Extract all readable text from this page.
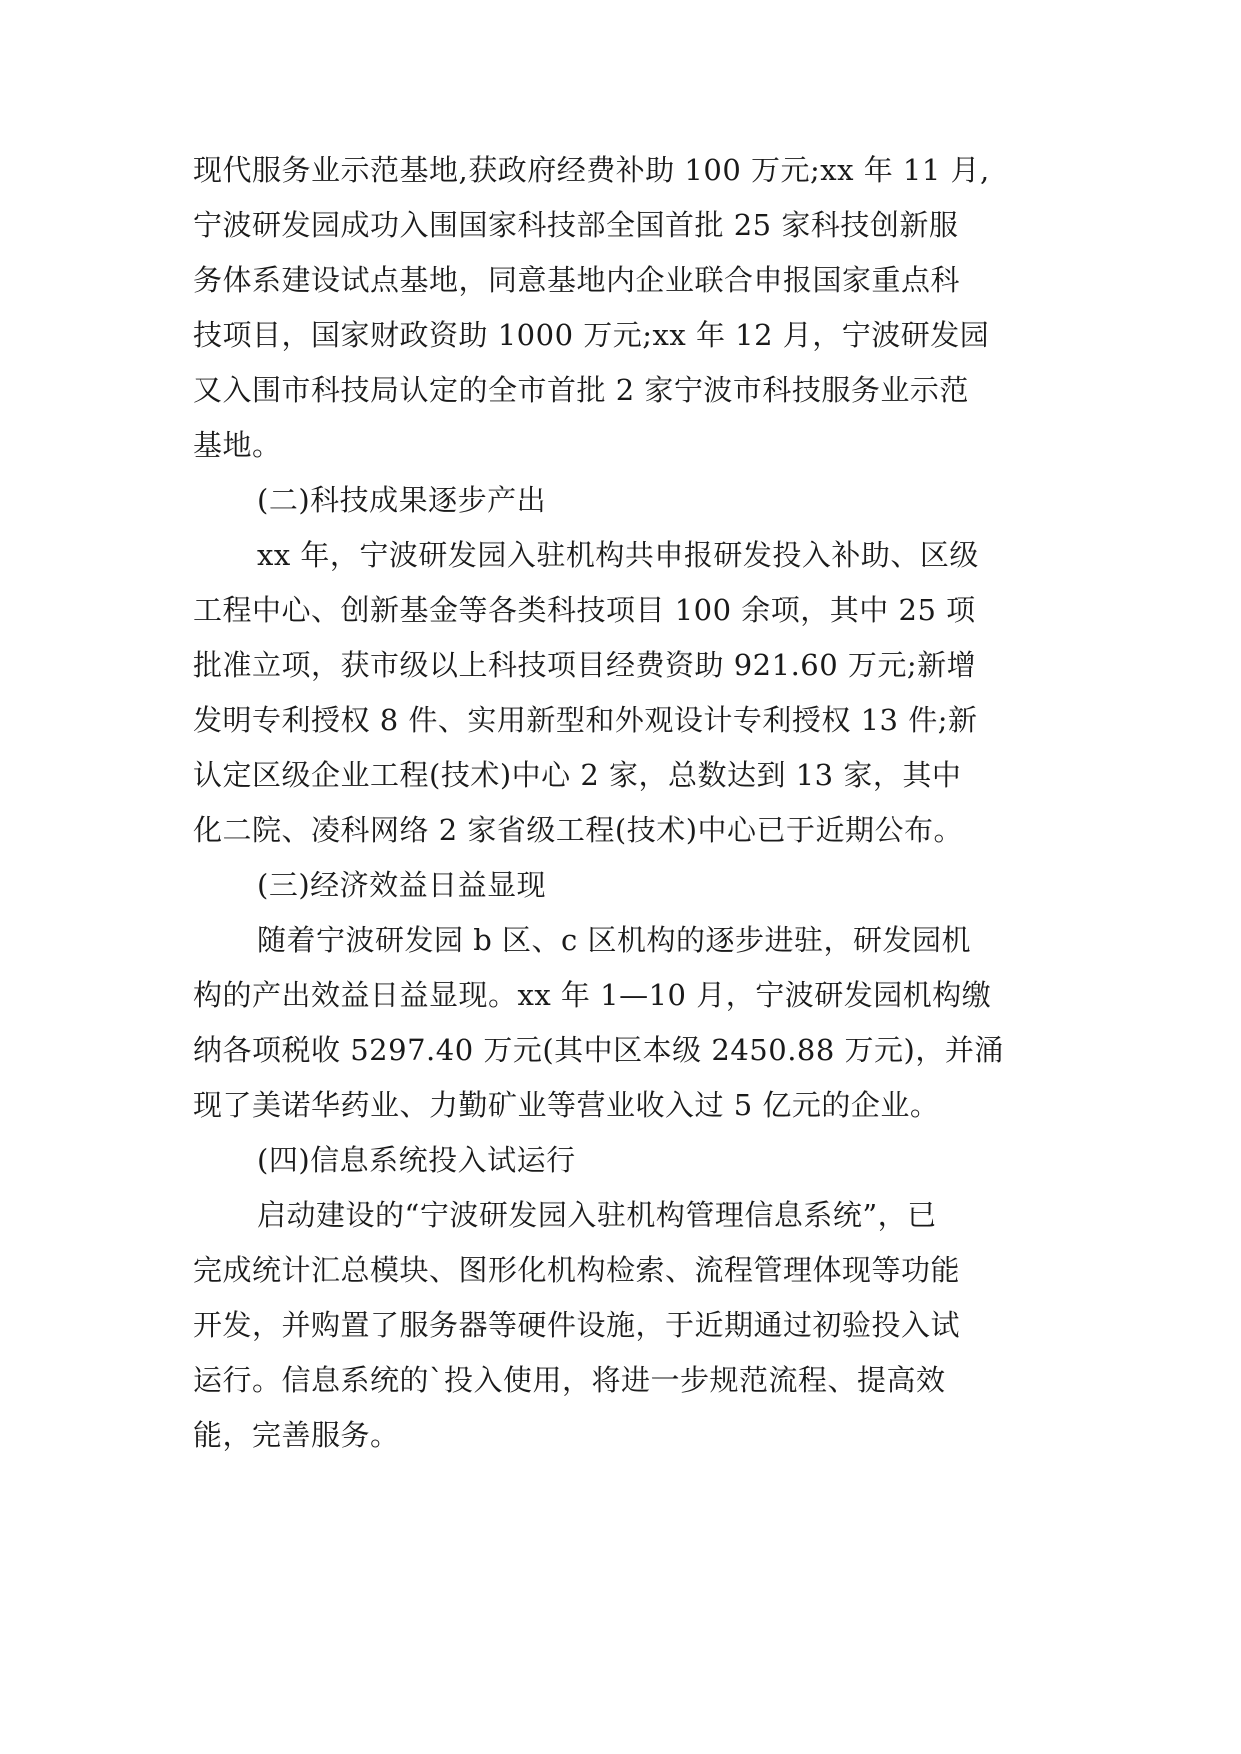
现代服务业示范基地,获政府经费补助 100 万元;xx 年 11 月,
宁波研发园成功入围国家科技部全国首批 25 家科技创新服
务体系建设试点基地，同意基地内企业联合申报国家重点科
技项目，国家财政资助 1000 万元;xx 年 12 月，宁波研发园
又入围市科技局认定的全市首批 2 家宁波市科技服务业示范
基地。
(二)科技成果逐步产出
xx 年，宁波研发园入驻机构共申报研发投入补助、区级
工程中心、创新基金等各类科技项目 100 余项，其中 25 项
批准立项，获市级以上科技项目经费资助 921.60 万元;新增
发明专利授权 8 件、实用新型和外观设计专利授权 13 件;新
认定区级企业工程(技术)中心 2 家，总数达到 13 家，其中
化二院、凌科网络 2 家省级工程(技术)中心已于近期公布。
(三)经济效益日益显现
随着宁波研发园 b 区、c 区机构的逐步进驻，研发园机
构的产出效益日益显现。xx 年 1—10 月，宁波研发园机构缴
纳各项税收 5297.40 万元(其中区本级 2450.88 万元)，并涌
现了美诺华药业、力勤矿业等营业收入过 5 亿元的企业。
(四)信息系统投入试运行
启动建设的“宁波研发园入驻机构管理信息系统”，已
完成统计汇总模块、图形化机构检索、流程管理体现等功能
开发，并购置了服务器等硬件设施，于近期通过初验投入试
运行。信息系统的`投入使用，将进一步规范流程、提高效
能，完善服务。
